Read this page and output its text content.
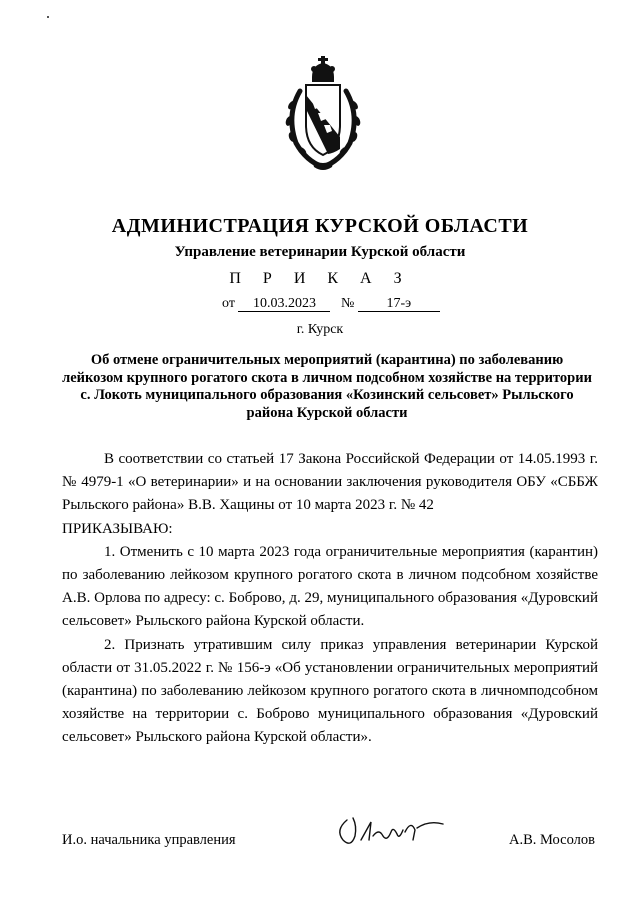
АДМИНИСТРАЦИЯ КУРСКОЙ ОБЛАСТИ
Управление ветеринарии Курской области
П Р И К А З
от 10.03.2023 № 17-э
г. Курск
Об отмене ограничительных мероприятий (карантина) по заболеванию лейкозом крупного рогатого скота в личном подсобном хозяйстве на территории с. Локоть муниципального образования «Козинский сельсовет» Рыльского района Курской области

В соответствии со статьей 17 Закона Российской Федерации от 14.05.1993 г. № 4979-1 «О ветеринарии» и на основании заключения руководителя ОБУ «СББЖ Рыльского района» В.В. Хащины от 10 марта 2023 г. № 42

ПРИКАЗЫВАЮ:

1. Отменить с 10 марта 2023 года ограничительные мероприятия (карантин) по заболеванию лейкозом крупного рогатого скота в личном подсобном хозяйстве А.В. Орлова по адресу: с. Боброво, д. 29, муниципального образования «Дуровский сельсовет» Рыльского района Курской области.

2. Признать утратившим силу приказ управления ветеринарии Курской области от 31.05.2022 г. № 156-э «Об установлении ограничительных мероприятий (карантина) по заболеванию лейкозом крупного рогатого скота в личномподсобном хозяйстве на территории с. Боброво муниципального образования «Дуровский сельсовет» Рыльского района Курской области».

И.о. начальника управления	А.В. Мосолов
